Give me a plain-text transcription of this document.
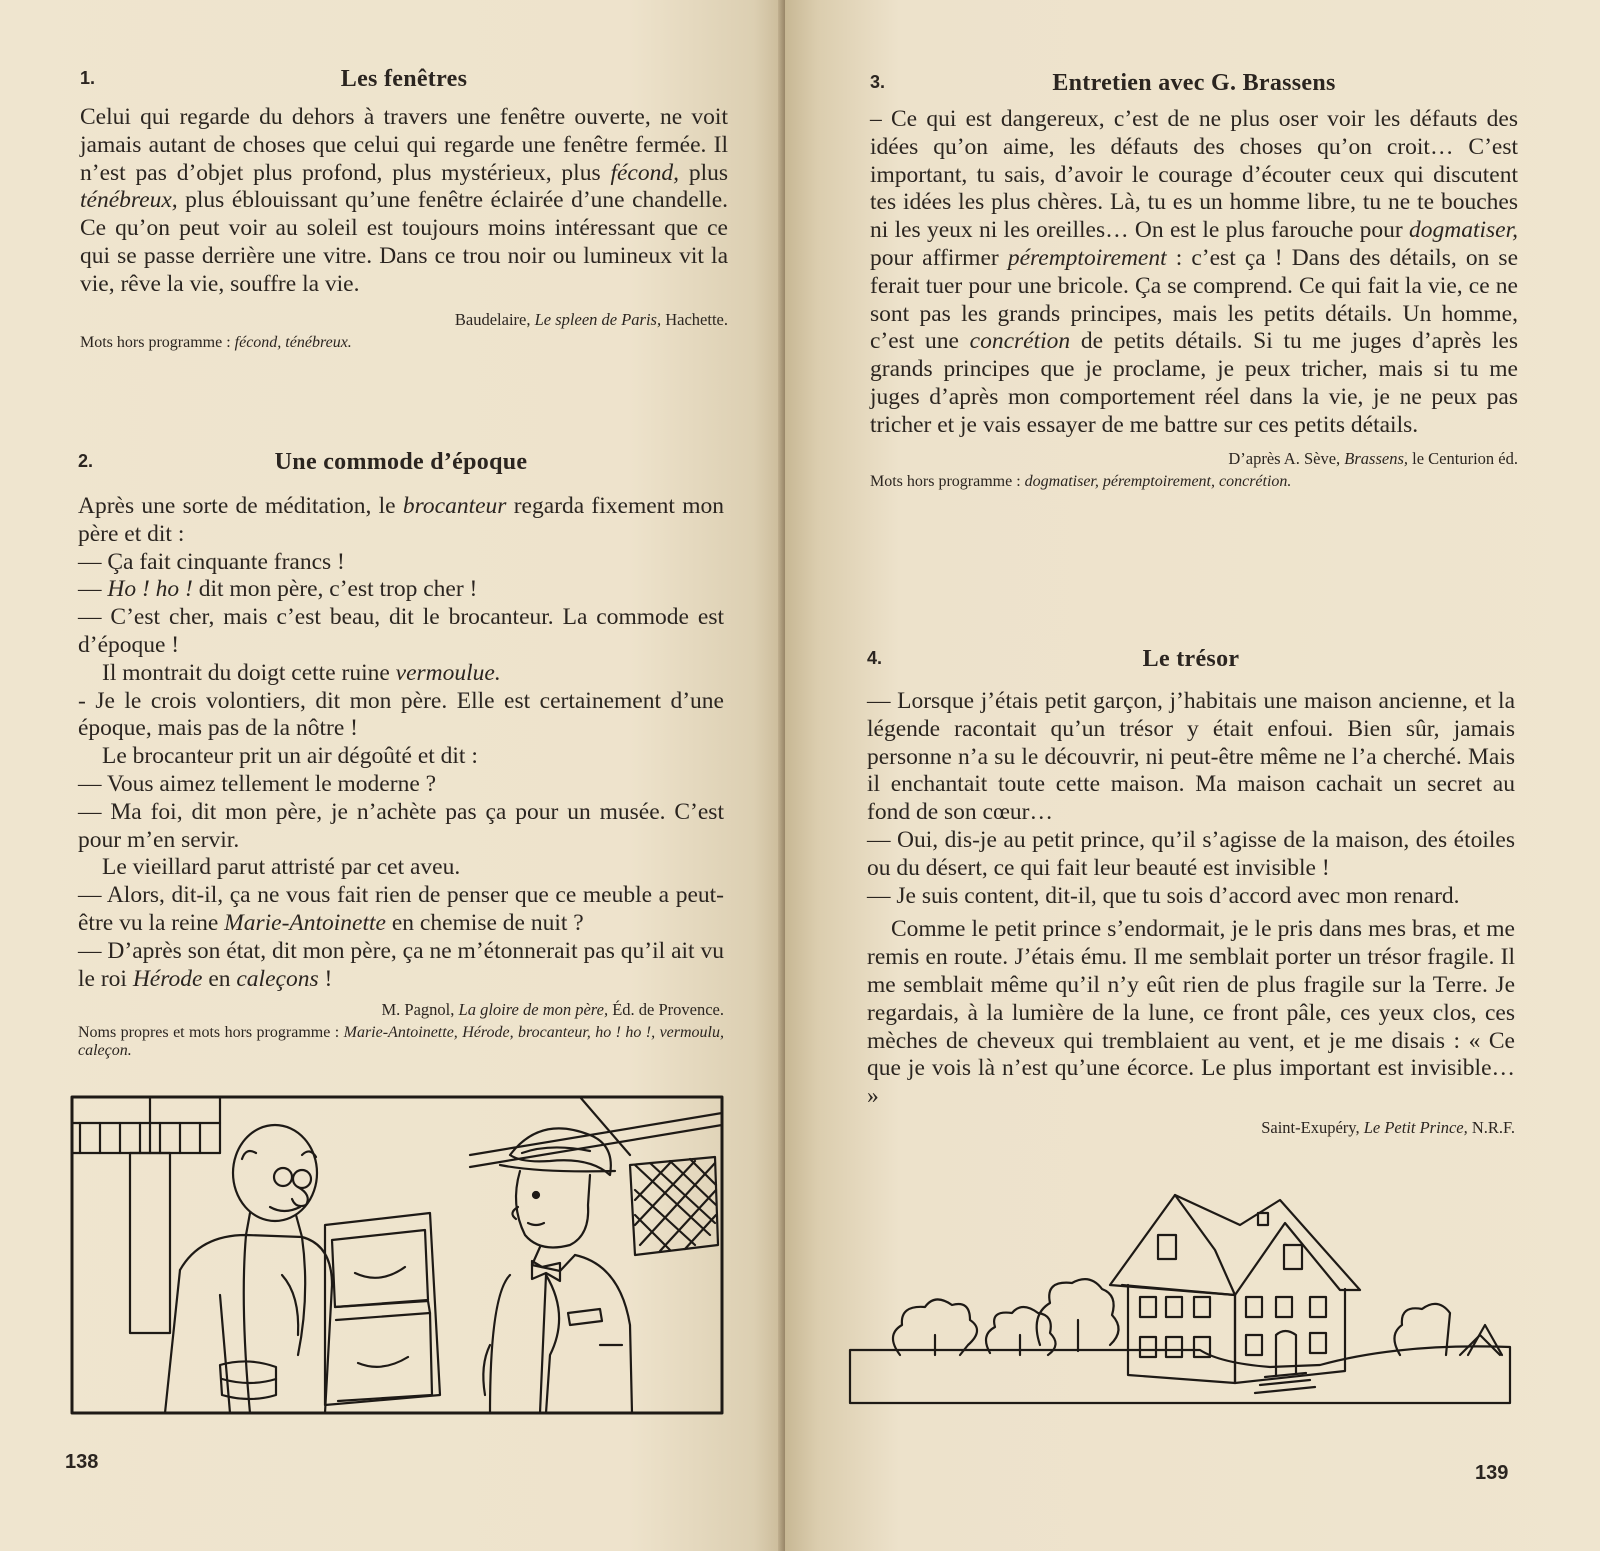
1.	Les fenêtres

Celui qui regarde du dehors à travers une fenêtre ouverte, ne voit jamais autant de choses que celui qui regarde une fenêtre fermée. Il n’est pas d’objet plus profond, plus mystérieux, plus fécond, plus ténébreux, plus éblouissant qu’une fenêtre éclairée d’une chandelle. Ce qu’on peut voir au soleil est toujours moins intéressant que ce qui se passe derrière une vitre. Dans ce trou noir ou lumineux vit la vie, rêve la vie, souffre la vie.

Baudelaire, Le spleen de Paris, Hachette.
Mots hors programme : fécond, ténébreux.
2.	Une commode d’époque

Après une sorte de méditation, le brocanteur regarda fixement mon père et dit :

— Ça fait cinquante francs !

— Ho ! ho ! dit mon père, c’est trop cher !

— C’est cher, mais c’est beau, dit le brocanteur. La commode est d’époque !

Il montrait du doigt cette ruine vermoulue.

- Je le crois volontiers, dit mon père. Elle est certainement d’une époque, mais pas de la nôtre !

Le brocanteur prit un air dégoûté et dit :

— Vous aimez tellement le moderne ?

— Ma foi, dit mon père, je n’achète pas ça pour un musée. C’est pour m’en servir.

Le vieillard parut attristé par cet aveu.

— Alors, dit-il, ça ne vous fait rien de penser que ce meuble a peut-être vu la reine Marie-Antoinette en chemise de nuit ?

— D’après son état, dit mon père, ça ne m’étonnerait pas qu’il ait vu le roi Hérode en caleçons !

M. Pagnol, La gloire de mon père, Éd. de Provence.
Noms propres et mots hors programme : Marie-Antoinette, Hérode, brocanteur, ho ! ho !, vermoulu, caleçon.
138
3.	Entretien avec G. Brassens

– Ce qui est dangereux, c’est de ne plus oser voir les défauts des idées qu’on aime, les défauts des choses qu’on croit… C’est important, tu sais, d’avoir le courage d’écouter ceux qui discutent tes idées les plus chères. Là, tu es un homme libre, tu ne te bouches ni les yeux ni les oreilles… On est le plus farouche pour dogmatiser, pour affirmer péremptoirement : c’est ça ! Dans des détails, on se ferait tuer pour une bricole. Ça se comprend. Ce qui fait la vie, ce ne sont pas les grands principes, mais les petits détails. Un homme, c’est une concrétion de petits détails. Si tu me juges d’après les grands principes que je proclame, je peux tricher, mais si tu me juges d’après mon comportement réel dans la vie, je ne peux pas tricher et je vais essayer de me battre sur ces petits détails.

D’après A. Sève, Brassens, le Centurion éd.
Mots hors programme : dogmatiser, péremptoirement, concrétion.
4.	Le trésor

— Lorsque j’étais petit garçon, j’habitais une maison ancienne, et la légende racontait qu’un trésor y était enfoui. Bien sûr, jamais personne n’a su le découvrir, ni peut-être même ne l’a cherché. Mais il enchantait toute cette maison. Ma maison cachait un secret au fond de son cœur…

— Oui, dis-je au petit prince, qu’il s’agisse de la maison, des étoiles ou du désert, ce qui fait leur beauté est invisible !

— Je suis content, dit-il, que tu sois d’accord avec mon renard.

Comme le petit prince s’endormait, je le pris dans mes bras, et me remis en route. J’étais ému. Il me semblait porter un trésor fragile. Il me semblait même qu’il n’y eût rien de plus fragile sur la Terre. Je regardais, à la lumière de la lune, ce front pâle, ces yeux clos, ces mèches de cheveux qui tremblaient au vent, et je me disais : « Ce que je vois là n’est qu’une écorce. Le plus important est invisible… »

Saint-Exupéry, Le Petit Prince, N.R.F.
139
